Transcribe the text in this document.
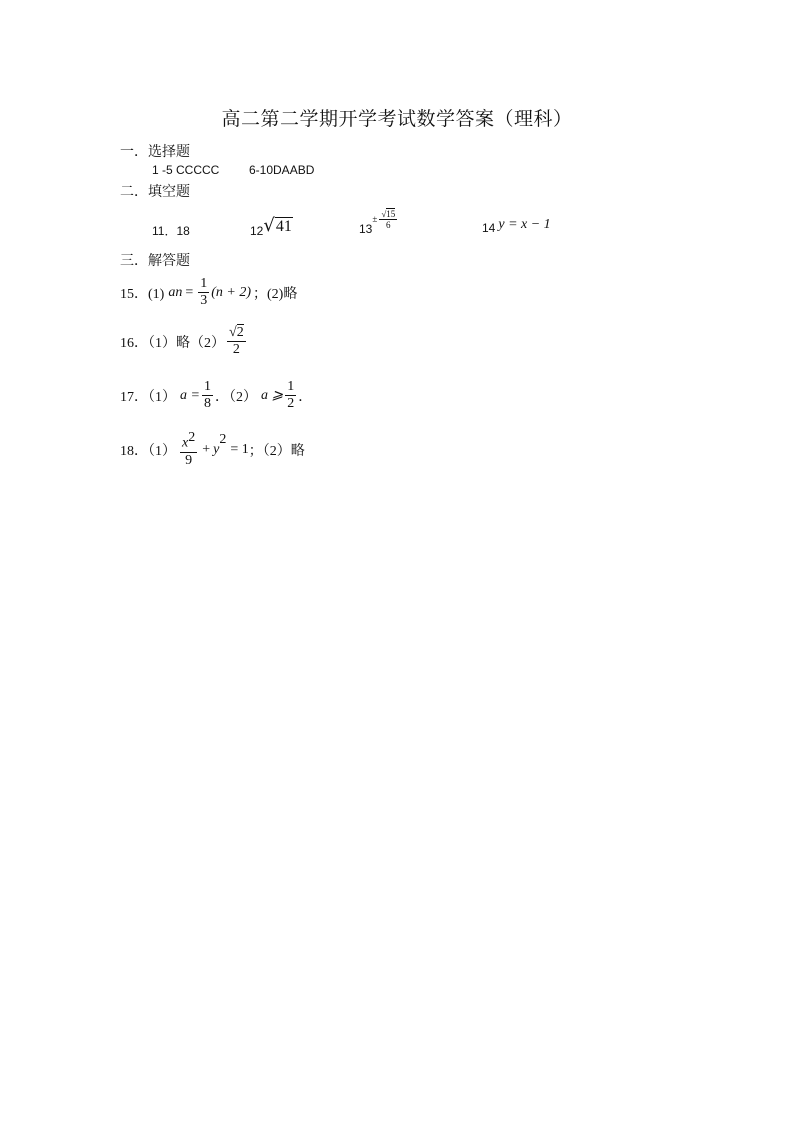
高二第二学期开学考试数学答案（理科）
一．选择题
1 -5 CCCCC 6-10DAABD
二．填空题
11．18	12 √ 41	13
± $\frac{√15}{6}$	14 y = x − 1
三．解答题
15．(1) a $n = \frac{1}{3} (n + 2)$ ；(2)略
16．（1）略$(2) \frac{√2}{2}$
17．（1） $a = \frac{1}{8}$ ．（2） a ⩾ $\frac{1}{2}$ ．
18．$(1) \frac{x^2}{9} + y$
2
= 1 ；（2）略
